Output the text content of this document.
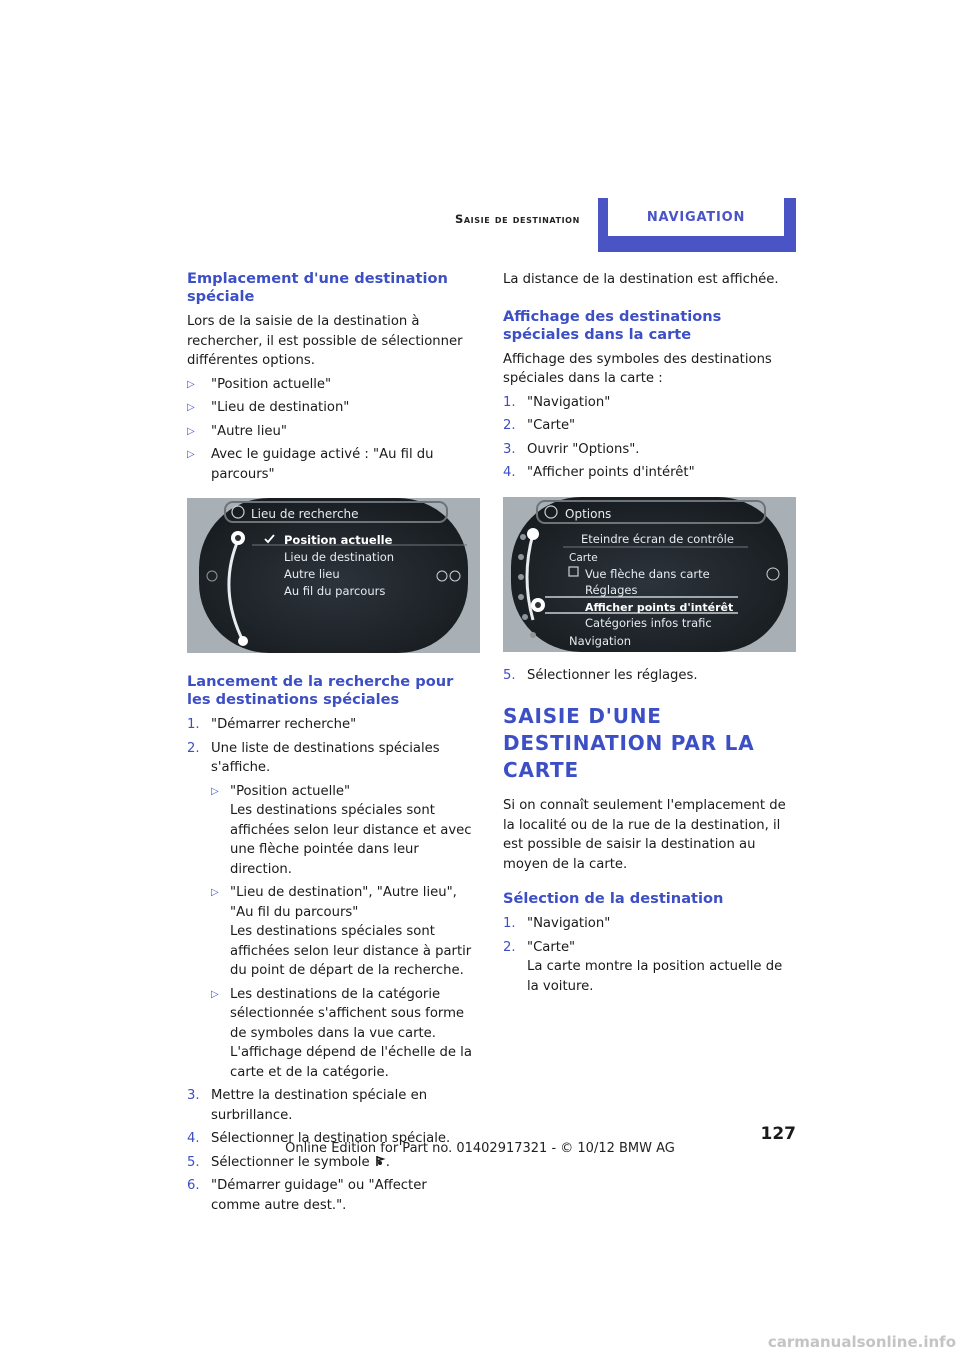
Saisie de destination	NAVIGATION
Emplacement d'une destination spéciale

Lors de la saisie de la destination à rechercher, il est possible de sélectionner différentes options.

▷ "Position actuelle"
▷ "Lieu de destination"
▷ "Autre lieu"
▷ Avec le guidage activé : "Au fil du parcours"
Lieu de recherche
Position actuelle
Lieu de destination
Autre lieu
Au fil du parcours
Lancement de la recherche pour les destinations spéciales
1. "Démarrer recherche"
2. Une liste de destinations spéciales s'affiche.
▷ "Position actuelle"
Les destinations spéciales sont affichées selon leur distance et avec une flèche pointée dans leur direction.
▷ "Lieu de destination", "Autre lieu", "Au fil du parcours"
Les destinations spéciales sont affichées selon leur distance à partir du point de départ de la recherche.
▷ Les destinations de la catégorie sélectionnée s'affichent sous forme de symboles dans la vue carte. L'affichage dépend de l'échelle de la carte et de la catégorie.
3. Mettre la destination spéciale en surbrillance.
4. Sélectionner la destination spéciale.
5. Sélectionner le symbole .
6. "Démarrer guidage" ou "Affecter comme autre dest.".

La distance de la destination est affichée.

Affichage des destinations spéciales dans la carte

Affichage des symboles des destinations spéciales dans la carte :

1. "Navigation"
2. "Carte"
3. Ouvrir "Options".
4. "Afficher points d'intérêt"
Options
Eteindre écran de contrôle
Carte
Vue flèche dans carte
Réglages
Afficher points d'intérêt
Catégories infos trafic
Navigation
5. Sélectionner les réglages.
SAISIE D'UNE DESTINATION PAR LA CARTE

Si on connaît seulement l'emplacement de la localité ou de la rue de la destination, il est possible de saisir la destination au moyen de la carte.

Sélection de la destination
1. "Navigation"
2. "Carte"
La carte montre la position actuelle de la voiture.
127
Online Edition for Part no. 01402917321 - © 10/12 BMW AG
carmanualsonline.info
